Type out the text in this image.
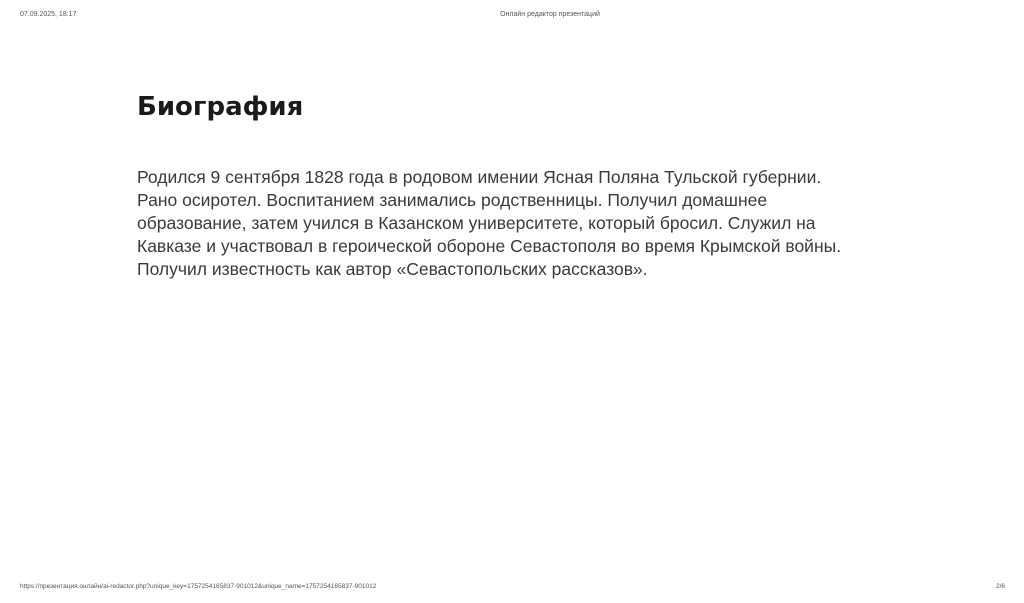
07.09.2025, 18:17	Онлайн редактор презентаций
Биография

Родился 9 сентября 1828 года в родовом имении Ясная Поляна Тульской губернии.
Рано осиротел. Воспитанием занимались родственницы. Получил домашнее
образование, затем учился в Казанском университете, который бросил. Служил на
Кавказе и участвовал в героической обороне Севастополя во время Крымской войны.
Получил известность как автор «Севастопольских рассказов».

https://презентация.онлайн/ai-redactor.php?unique_key=1757254165837-901012&unique_name=1757254165837-901012	2/6
